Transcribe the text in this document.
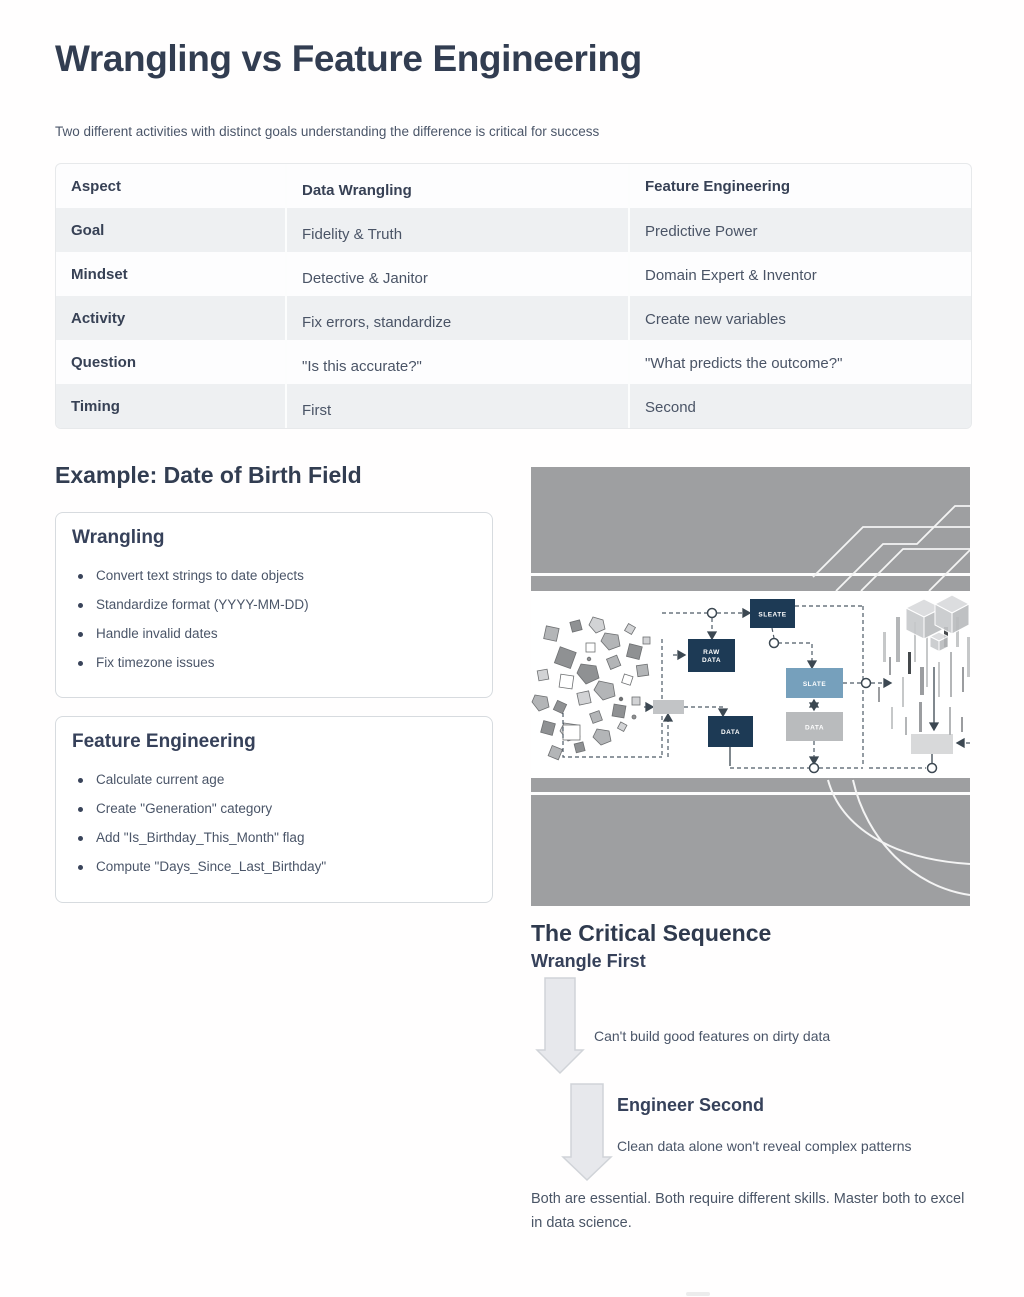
Wrangling vs Feature Engineering
Two different activities with distinct goals understanding the difference is critical for success
Aspect	Data Wrangling	Feature Engineering
Goal	Fidelity & Truth	Predictive Power
Mindset	Detective & Janitor	Domain Expert & Inventor
Activity	Fix errors, standardize	Create new variables
Question	"Is this accurate?"	"What predicts the outcome?"
Timing	First	Second
Example: Date of Birth Field
Wrangling
Convert text strings to date objects
Standardize format (YYYY-MM-DD)
Handle invalid dates
Fix timezone issues
Feature Engineering
Calculate current age
Create "Generation" category
Add "Is_Birthday_This_Month" flag
Compute "Days_Since_Last_Birthday"
SLEATE
RAW
DATA
SLATE
DATA
DATA
The Critical Sequence
Wrangle First
Can't build good features on dirty data
Engineer Second
Clean data alone won't reveal complex patterns
Both are essential. Both require different skills. Master both to excel in data science.
